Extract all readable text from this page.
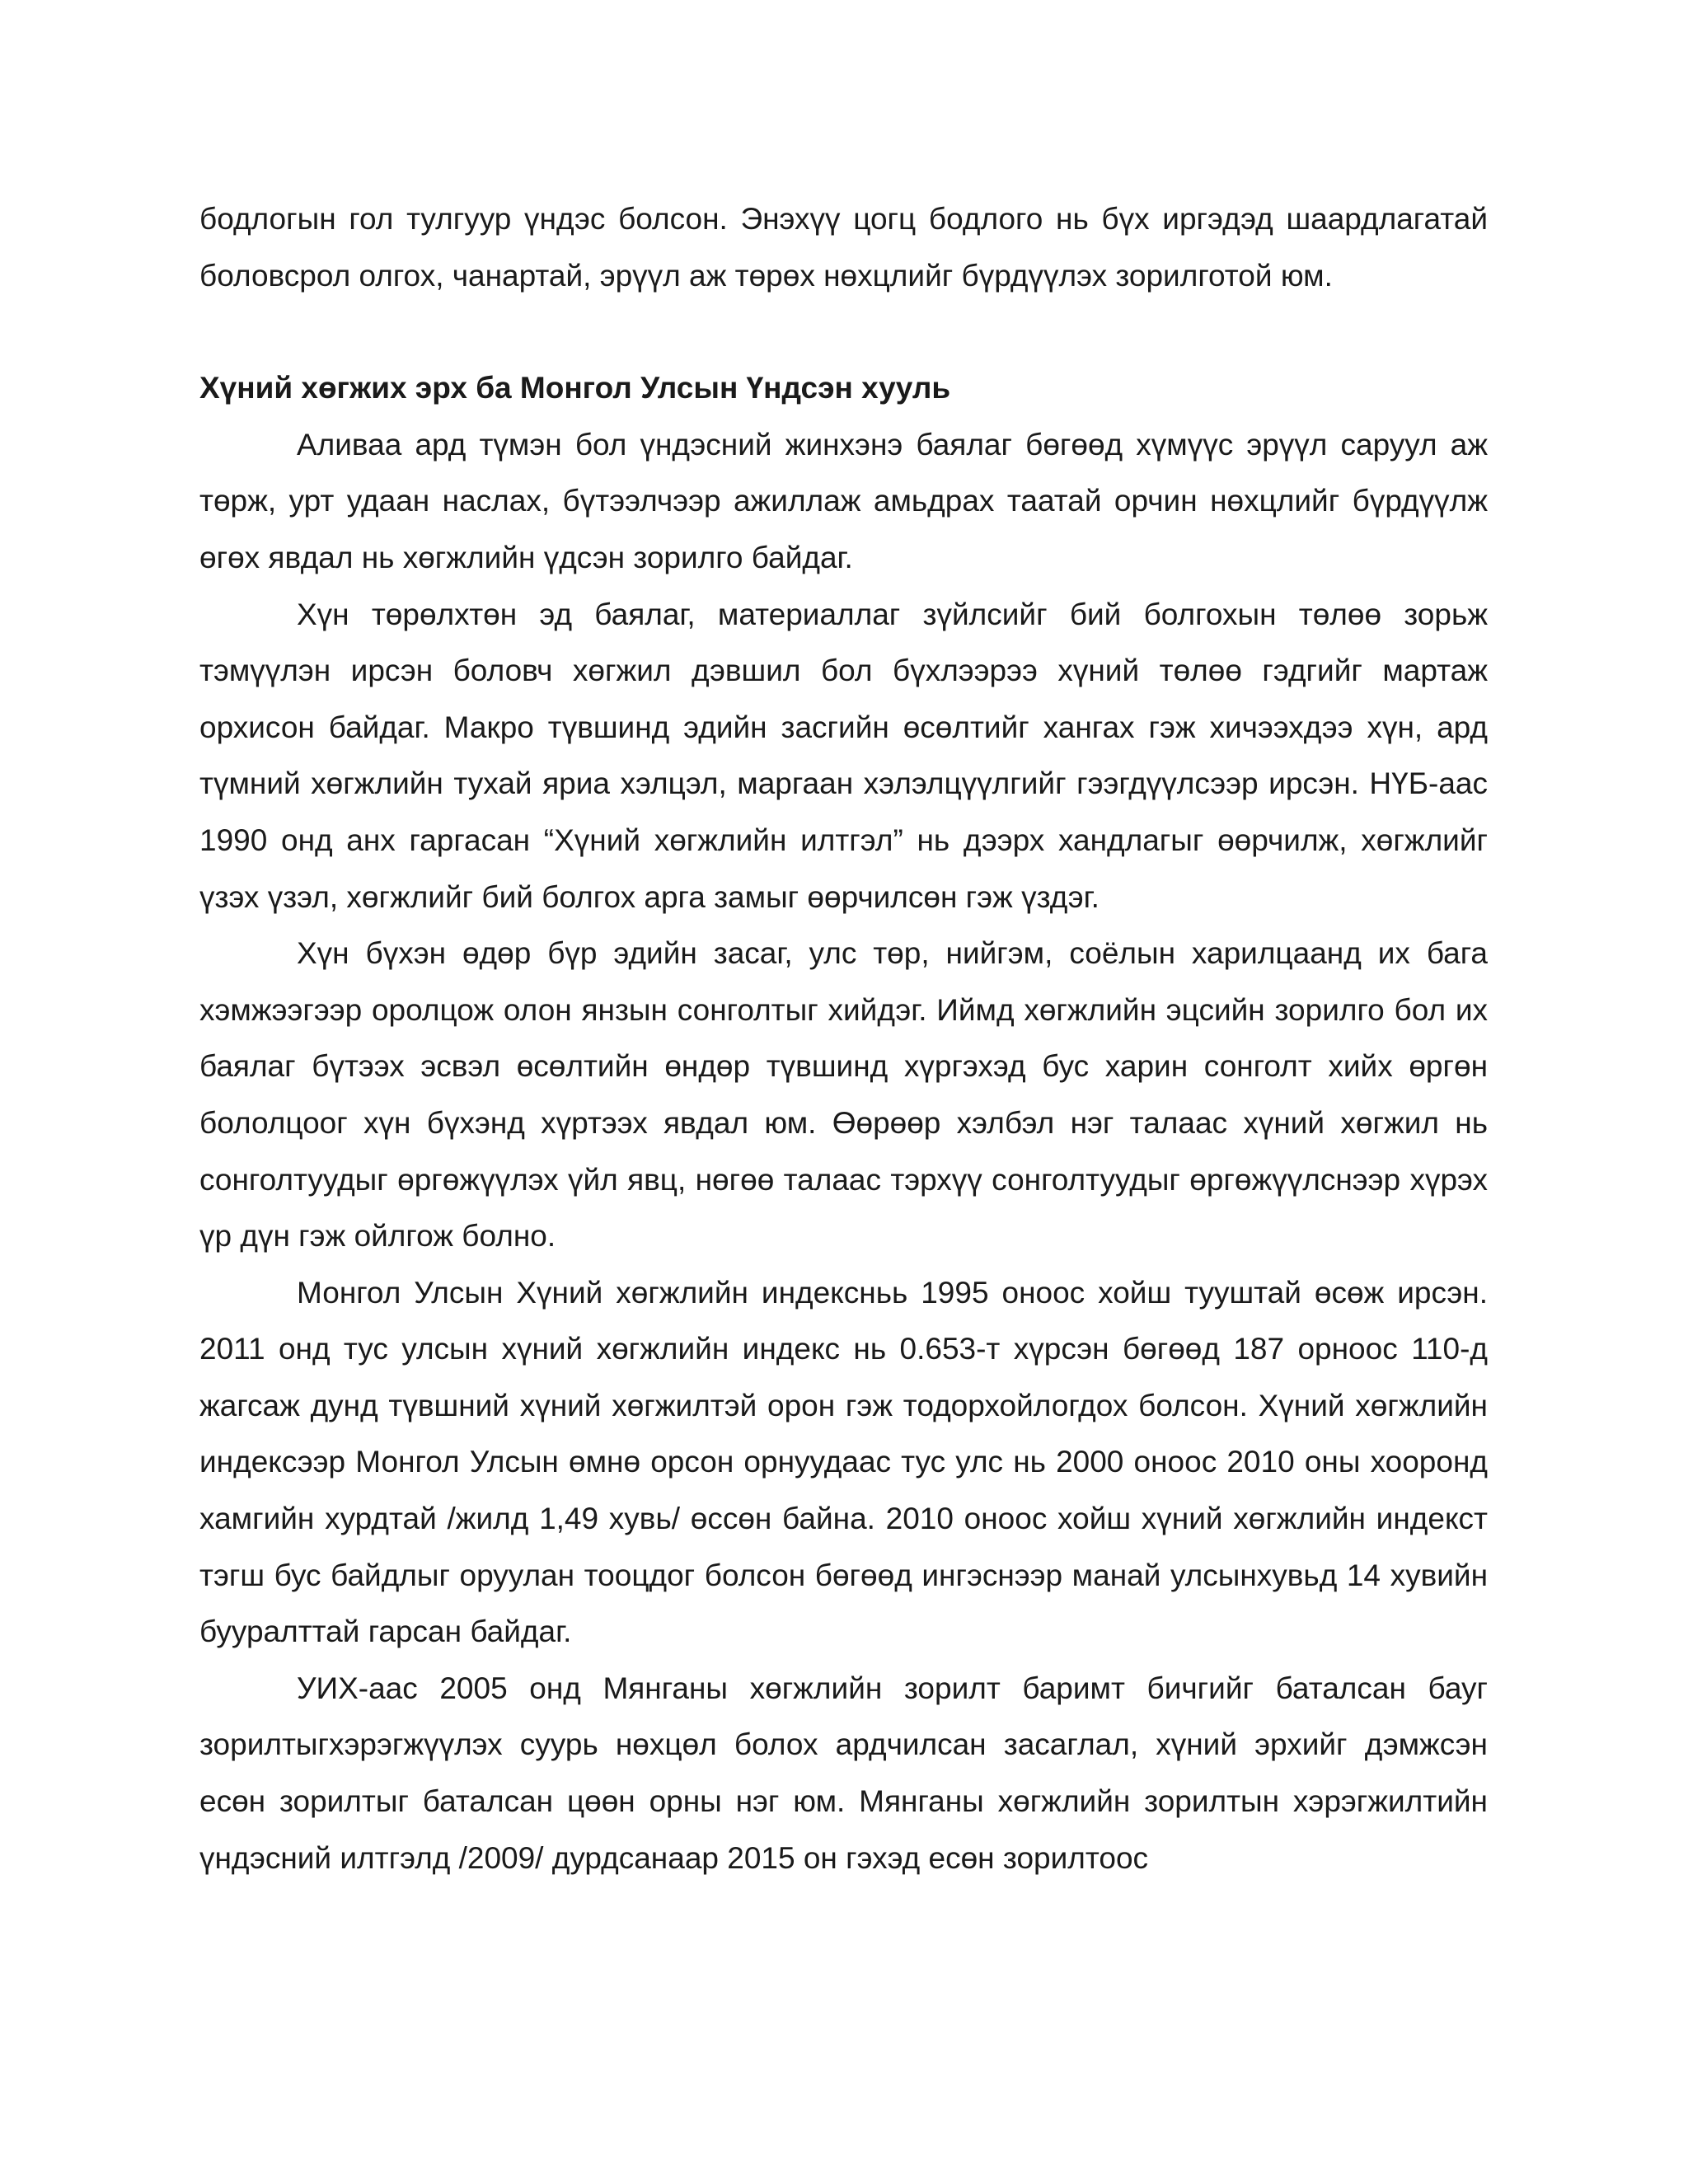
бодлогын гол тулгуур үндэс болсон. Энэхүү цогц бодлого нь бүх иргэдэд шаардлагатай боловсрол олгох, чанартай, эрүүл аж төрөх нөхцлийг бүрдүүлэх зорилготой юм.

Хүний хөгжих эрх ба Монгол Улсын Үндсэн хууль

Аливаа ард түмэн бол үндэсний жинхэнэ баялаг бөгөөд хүмүүс эрүүл саруул аж төрж, урт удаан наслах, бүтээлчээр ажиллаж амьдрах таатай орчин нөхцлийг бүрдүүлж өгөх явдал нь хөгжлийн үдсэн зорилго байдаг.

Хүн төрөлхтөн эд баялаг, материаллаг зүйлсийг бий болгохын төлөө зорьж тэмүүлэн ирсэн боловч хөгжил дэвшил бол бүхлээрээ хүний төлөө гэдгийг мартаж орхисон байдаг. Макро түвшинд эдийн засгийн өсөлтийг хангах гэж хичээхдээ хүн, ард түмний хөгжлийн тухай яриа хэлцэл, маргаан хэлэлцүүлгийг гээгдүүлсээр ирсэн. НҮБ-аас 1990 онд анх гаргасан “Хүний хөгжлийн илтгэл” нь дээрх хандлагыг өөрчилж, хөгжлийг үзэх үзэл, хөгжлийг бий болгох арга замыг өөрчилсөн гэж үздэг.

Хүн бүхэн өдөр бүр эдийн засаг, улс төр, нийгэм, соёлын харилцаанд их бага хэмжээгээр оролцож олон янзын сонголтыг хийдэг. Иймд хөгжлийн эцсийн зорилго бол их баялаг бүтээх эсвэл өсөлтийн өндөр түвшинд хүргэхэд бус харин сонголт хийх өргөн бололцоог хүн бүхэнд хүртээх явдал юм. Өөрөөр хэлбэл нэг талаас хүний хөгжил нь сонголтуудыг өргөжүүлэх үйл явц, нөгөө талаас тэрхүү сонголтуудыг өргөжүүлснээр хүрэх үр дүн гэж ойлгож болно.

Монгол Улсын Хүний хөгжлийн индексньь 1995 оноос хойш тууштай өсөж ирсэн. 2011 онд тус улсын хүний хөгжлийн индекс нь 0.653-т хүрсэн бөгөөд 187 орноос 110-д жагсаж дунд түвшний хүний хөгжилтэй орон гэж тодорхойлогдох болсон. Хүний хөгжлийн индексээр Монгол Улсын өмнө орсон орнуудаас тус улс нь 2000 оноос 2010 оны хооронд хамгийн хурдтай /жилд 1,49 хувь/ өссөн байна. 2010 оноос хойш хүний хөгжлийн индекст тэгш бус байдлыг оруулан тооцдог болсон бөгөөд ингэснээр манай улсынхувьд 14 хувийн бууралттай гарсан байдаг.

УИХ-аас 2005 онд Мянганы хөгжлийн зорилт баримт бичгийг баталсан бауг зорилтыгхэрэгжүүлэх суурь нөхцөл болох ардчилсан засаглал, хүний эрхийг дэмжсэн есөн зорилтыг баталсан цөөн орны нэг юм. Мянганы хөгжлийн зорилтын хэрэгжилтийн үндэсний илтгэлд /2009/ дурдсанаар 2015 он гэхэд есөн зорилтоос
